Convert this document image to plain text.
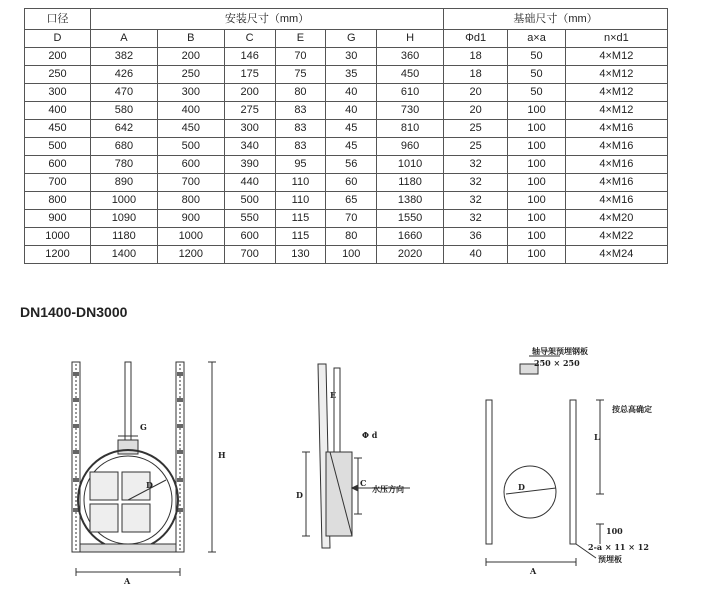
口径	安装尺寸（mm）						基础尺寸（mm）		
D	A	B	C	E	G	H	Φd1	a×a	n×d1
200	382	200	146	70	30	360	18	50	4×M12
250	426	250	175	75	35	450	18	50	4×M12
300	470	300	200	80	40	610	20	50	4×M12
400	580	400	275	83	40	730	20	100	4×M12
450	642	450	300	83	45	810	25	100	4×M16
500	680	500	340	83	45	960	25	100	4×M16
600	780	600	390	95	56	1010	32	100	4×M16
700	890	700	440	110	60	1180	32	100	4×M16
800	1000	800	500	110	65	1380	32	100	4×M16
900	1090	900	550	115	70	1550	32	100	4×M20
1000	1180	1000	600	115	80	1660	36	100	4×M22
1200	1400	1200	700	130	100	2020	40	100	4×M24
DN1400-DN3000
G
D
H
A
Φ d
C
D
E
水压方向
轴导架预埋钢板
250 × 250
L
按总高确定
D
100
2-a × 11 × 12
A
预埋板
